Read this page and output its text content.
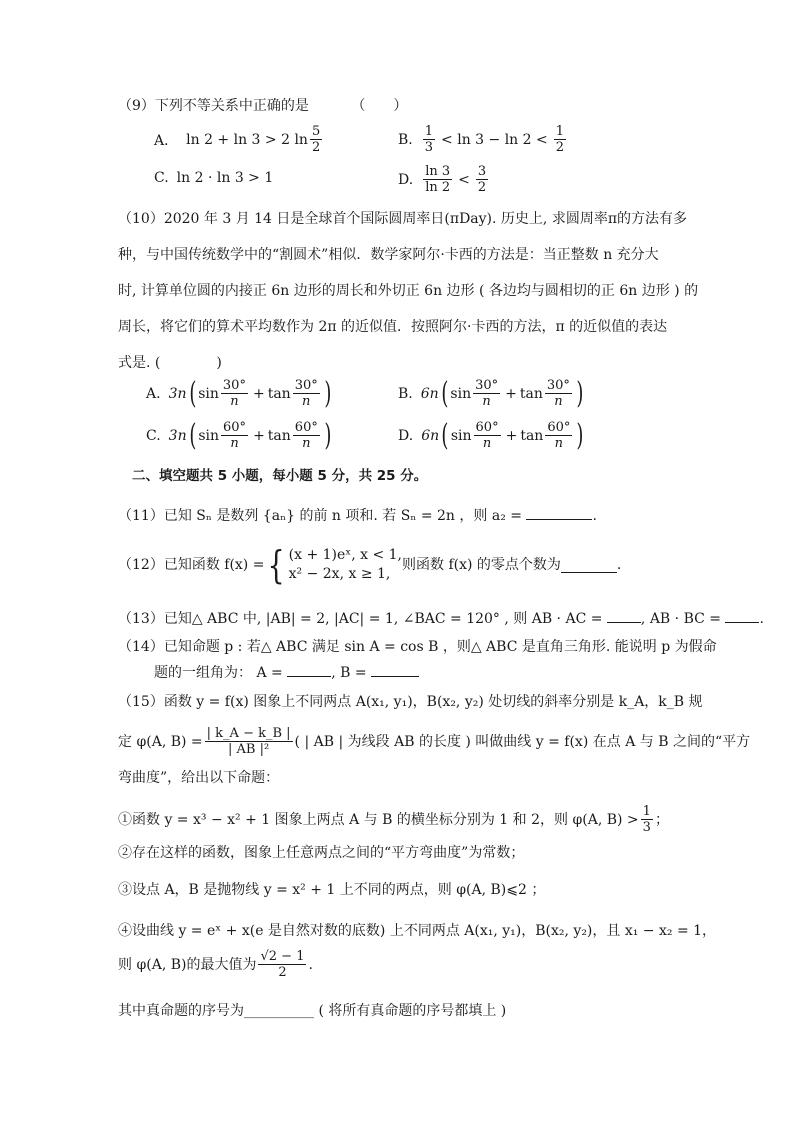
（9）下列不等关系中正确的是	（　　）
A． ln 2 + ln 3 > 2 $\ln \frac{5}{2}$	B. $\frac{1}{3} < \ln 3 - \ln 2 < \frac{1}{2}$
C. ln 2 · ln 3 > 1	D. $\frac{\ln 3}{\ln 2} < \frac{3}{2}$
（10）2020 年 3 月 14 日是全球首个国际圆周率日(πDay). 历史上, 求圆周率π的方法有多
种，与中国传统数学中的“割圆术”相似．数学家阿尔·卡西的方法是：当正整数 n 充分大
时, 计算单位圆的内接正 6n 边形的周长和外切正 6n 边形 ( 各边均与圆相切的正 6n 边形 ) 的
周长，将它们的算术平均数作为 2π 的近似值．按照阿尔·卡西的方法，π 的近似值的表达
式是. (　　　　)
A. 3n ( $\sin \frac{30^\circ}{n} + \tan \frac{30^\circ}{n}$ )	B. 6n ( $\sin \frac{30^\circ}{n} + \tan \frac{30^\circ}{n}$ )
C. 3n ( $\sin \frac{60^\circ}{n} + \tan \frac{60^\circ}{n}$ )	D. 6n ( $\sin \frac{60^\circ}{n} + \tan \frac{60^\circ}{n}$ )
二、填空题共 5 小题，每小题 5 分，共 25 分。
（11）已知 Sₙ 是数列 {aₙ} 的前 n 项和. 若 Sₙ = 2n ，则 a₂ =	.
（12）已知函数 f(x) = { (x + 1)eˣ, x < 1,
x² − 2x, x ≥ 1,
则函数 f(x) 的零点个数为	.
（13）已知△ ABC 中, |AB| = 2, |AC| = 1, ∠BAC = 120° , 则 AB · AC =	, AB · BC =	.
（14）已知命题 p : 若△ ABC 满足 sin A = cos B ，则△ ABC 是直角三角形. 能说明 p 为假命
题的一组角为： A =	, B =
（15）函数 y = f(x) 图象上不同两点 A(x₁, y₁)，B(x₂, y₂) 处切线的斜率分别是 k_A，k_B 规
定 φ(A, $B) = \frac{| k\_A - k\_B |}{\text{| AB |²}}$ ( | AB | 为线段 AB 的长度 ) 叫做曲线 y = f(x) 在点 A 与 B 之间的“平方
弯曲度”，给出以下命题：
①函数 y = x³ − x² + 1 图象上两点 A 与 B 的横坐标分别为 1 和 2，则 φ(A, $B) > \frac{1}{3}$ ；
②存在这样的函数，图象上任意两点之间的“平方弯曲度”为常数；
③设点 A，B 是抛物线 y = x² + 1 上不同的两点，则 φ(A, B)⩽2 ；
④设曲线 y = eˣ + x(e 是自然对数的底数) 上不同两点 A(x₁, y₁)，B(x₂, y₂)，且 x₁ − x₂ = 1，
则 φ(A, B)的最大值为 $\frac{√2 - 1}{2}$ .
其中真命题的序号为__________ ( 将所有真命题的序号都填上 )
